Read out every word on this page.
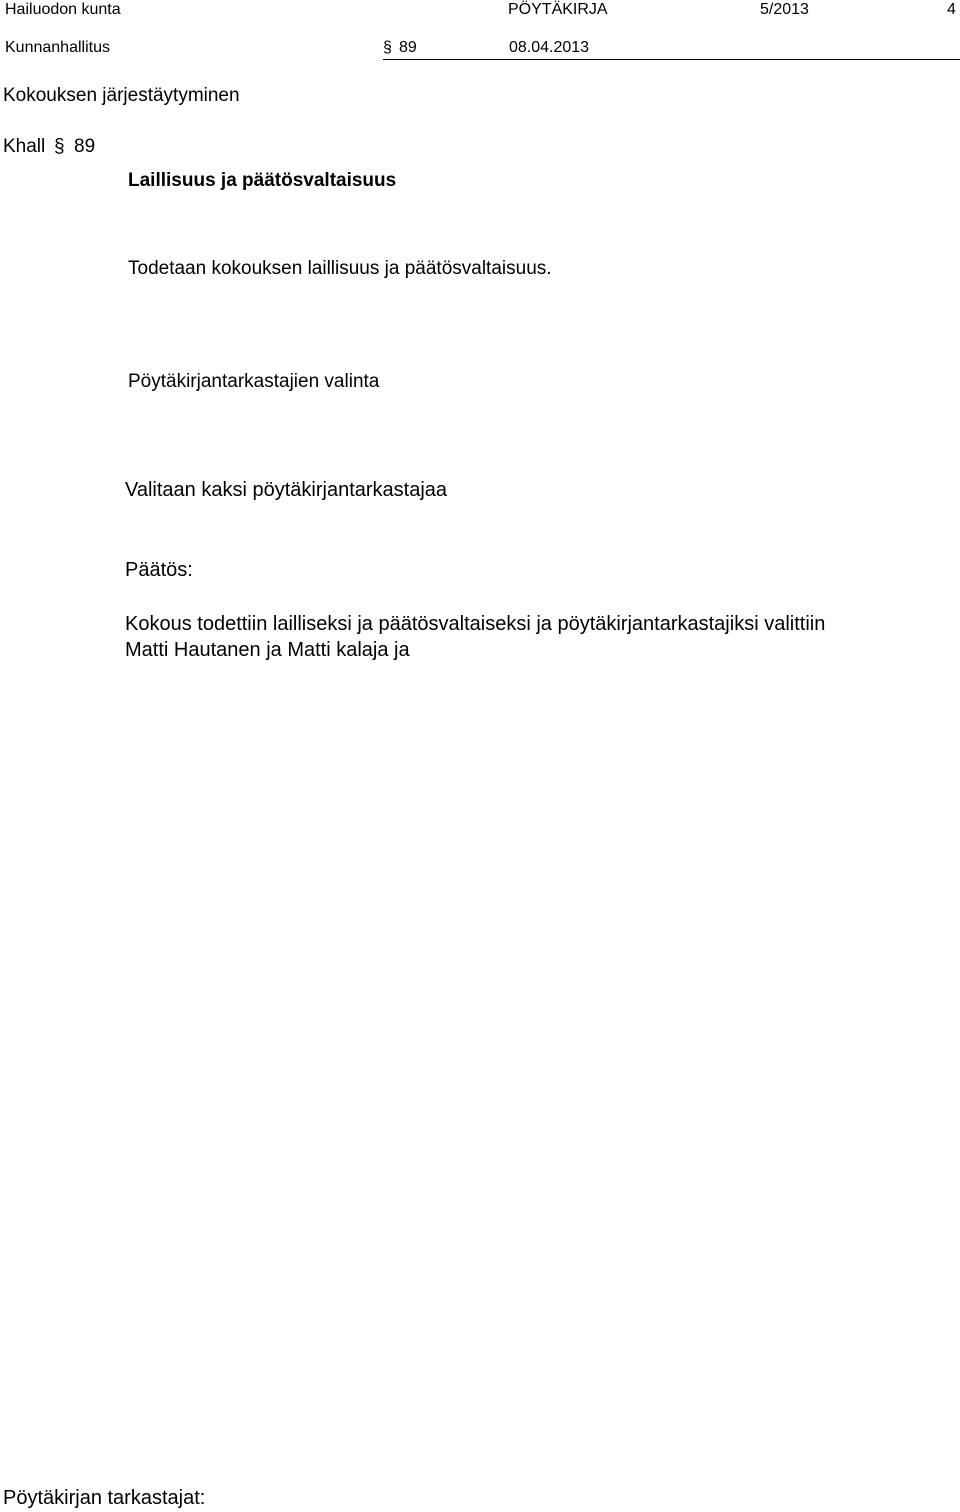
Hailuodon kunta	PÖYTÄKIRJA	5/2013	4
Kunnanhallitus	§ 89	08.04.2013
Kokouksen järjestäytyminen
Khall § 89
Laillisuus ja päätösvaltaisuus
Todetaan kokouksen laillisuus ja päätösvaltaisuus.
Pöytäkirjantarkastajien valinta
Valitaan kaksi pöytäkirjantarkastajaa
Päätös:
Kokous todettiin lailliseksi ja päätösvaltaiseksi ja pöytäkirjantarkastajiksi valittiin
Matti Hautanen ja Matti kalaja ja
Pöytäkirjan tarkastajat:
